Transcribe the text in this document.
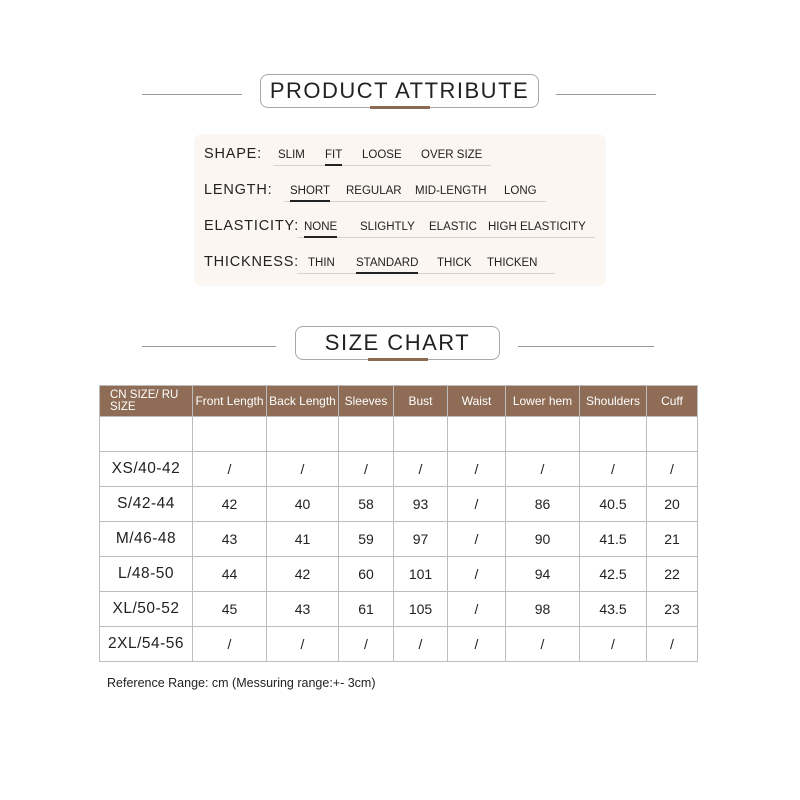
PRODUCT ATTRIBUTE
SHAPE: SLIM FIT LOOSE OVER SIZE
LENGTH: SHORT REGULAR MID-LENGTH LONG
ELASTICITY: NONE SLIGHTLY ELASTIC HIGH ELASTICITY
THICKNESS: THIN STANDARD THICK THICKEN
SIZE CHART
CN SIZE/ RU SIZE	Front Length	Back Length	Sleeves	Bust	Waist	Lower hem	Shoulders	Cuff

XS/40-42	/	/	/	/	/	/	/	/
S/42-44	42	40	58	93	/	86	40.5	20
M/46-48	43	41	59	97	/	90	41.5	21
L/48-50	44	42	60	101	/	94	42.5	22
XL/50-52	45	43	61	105	/	98	43.5	23
2XL/54-56	/	/	/	/	/	/	/	/
Reference Range: cm (Messuring range:+- 3cm)
